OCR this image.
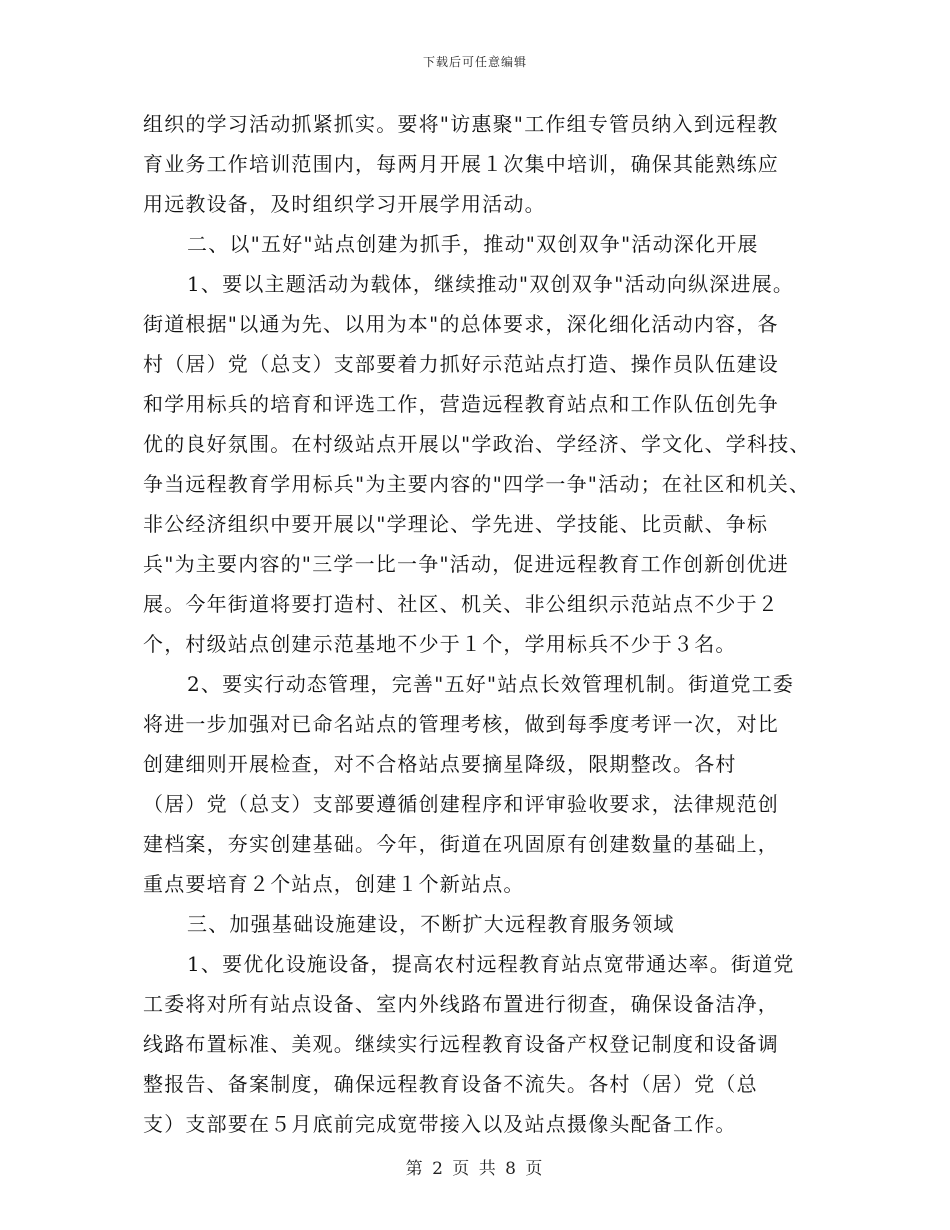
下载后可任意编辑
组织的学习活动抓紧抓实。要将"访惠聚"工作组专管员纳入到远程教
育业务工作培训范围内，每两月开展１次集中培训，确保其能熟练应
用远教设备，及时组织学习开展学用活动。
二、以"五好"站点创建为抓手，推动"双创双争"活动深化开展
1、要以主题活动为载体，继续推动"双创双争"活动向纵深进展。
街道根据"以通为先、以用为本"的总体要求，深化细化活动内容，各
村（居）党（总支）支部要着力抓好示范站点打造、操作员队伍建设
和学用标兵的培育和评选工作，营造远程教育站点和工作队伍创先争
优的良好氛围。在村级站点开展以"学政治、学经济、学文化、学科技、
争当远程教育学用标兵"为主要内容的"四学一争"活动；在社区和机关、
非公经济组织中要开展以"学理论、学先进、学技能、比贡献、争标
兵"为主要内容的"三学一比一争"活动，促进远程教育工作创新创优进
展。今年街道将要打造村、社区、机关、非公组织示范站点不少于２
个，村级站点创建示范基地不少于１个，学用标兵不少于３名。
2、要实行动态管理，完善"五好"站点长效管理机制。街道党工委
将进一步加强对已命名站点的管理考核，做到每季度考评一次，对比
创建细则开展检查，对不合格站点要摘星降级，限期整改。各村
（居）党（总支）支部要遵循创建程序和评审验收要求，法律规范创
建档案，夯实创建基础。今年，街道在巩固原有创建数量的基础上，
重点要培育２个站点，创建１个新站点。
三、加强基础设施建设，不断扩大远程教育服务领域
1、要优化设施设备，提高农村远程教育站点宽带通达率。街道党
工委将对所有站点设备、室内外线路布置进行彻查，确保设备洁净，
线路布置标准、美观。继续实行远程教育设备产权登记制度和设备调
整报告、备案制度，确保远程教育设备不流失。各村（居）党（总
支）支部要在５月底前完成宽带接入以及站点摄像头配备工作。
第 2 页 共 8 页
